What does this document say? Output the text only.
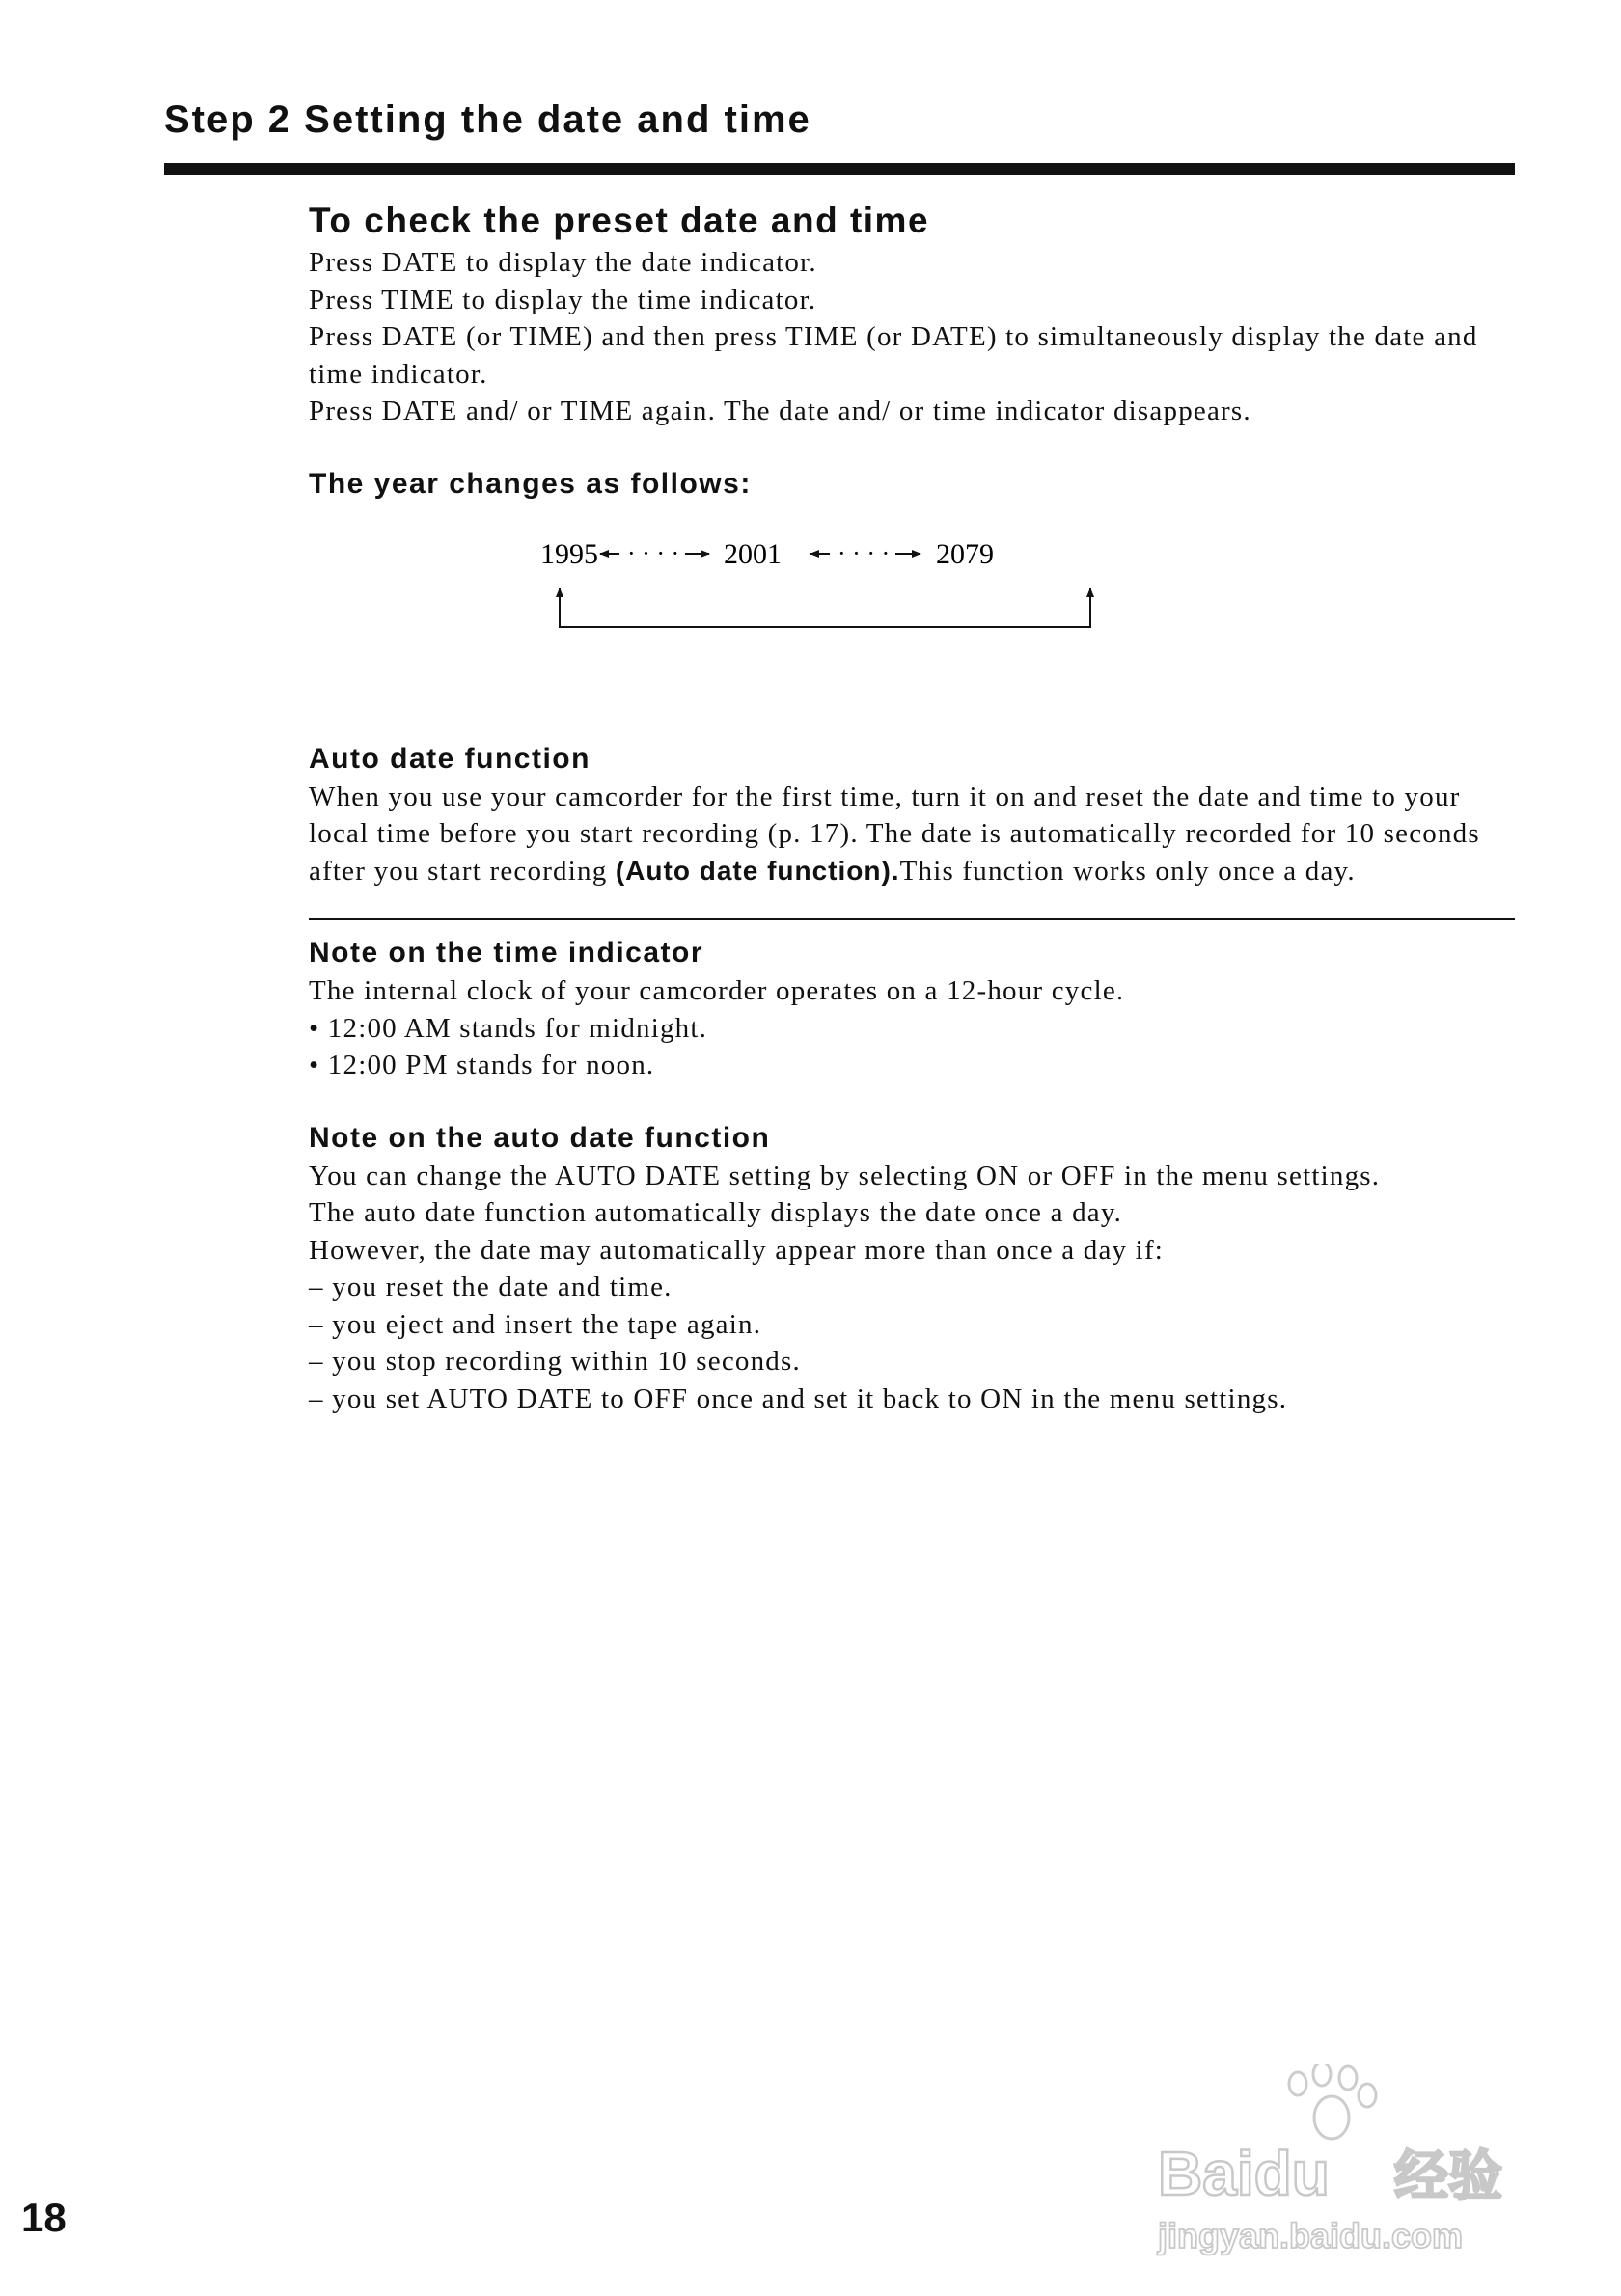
Step 2 Setting the date and time
To check the preset date and time

Press DATE to display the date indicator.

Press TIME to display the time indicator.

Press DATE (or TIME) and then press TIME (or DATE) to simultaneously display the date and time indicator.

Press DATE and/ or TIME again. The date and/ or time indicator disappears.

The year changes as follows:
1995 · · · · 2001 · · · · 2079
Auto date function

When you use your camcorder for the first time, turn it on and reset the date and time to your local time before you start recording (p. 17). The date is automatically recorded for 10 seconds after you start recording (Auto date function).This function works only once a day.

Note on the time indicator

The internal clock of your camcorder operates on a 12-hour cycle.

• 12:00 AM stands for midnight.

• 12:00 PM stands for noon.

Note on the auto date function

You can change the AUTO DATE setting by selecting ON or OFF in the menu settings.

The auto date function automatically displays the date once a day.

However, the date may automatically appear more than once a day if:

– you reset the date and time.

– you eject and insert the tape again.

– you stop recording within 10 seconds.

– you set AUTO DATE to OFF once and set it back to ON in the menu settings.

18

Baidu 经验
jingyan.baidu.com
